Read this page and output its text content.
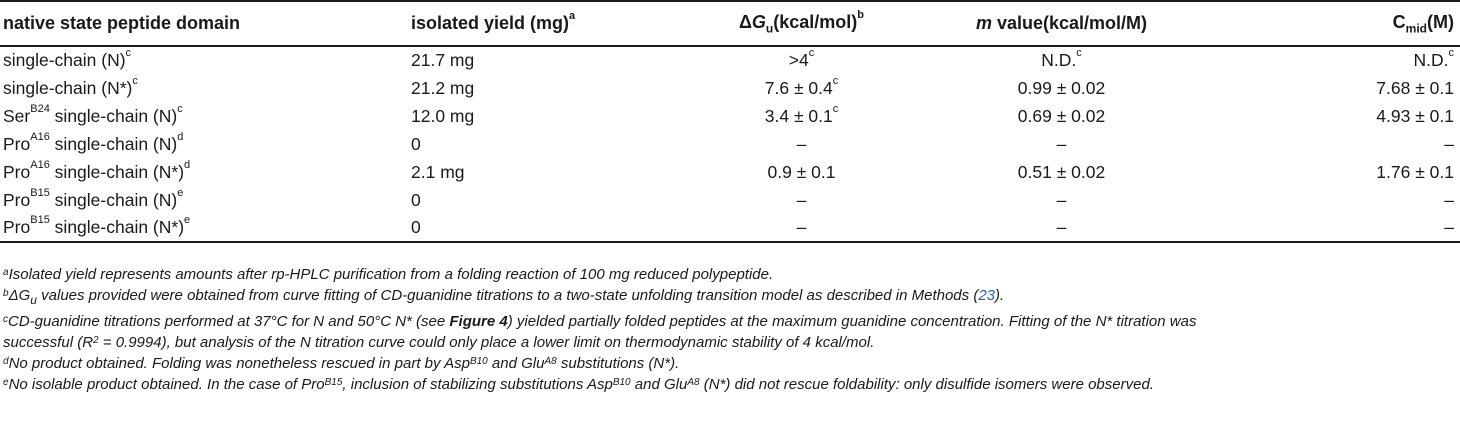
native state peptide domain	isolated yield (mg)$^a$	$\Delta G_u(kcal/mol)^b$	m value(kcal/mol/M)	$C_{mid}(M)$
single-chain $(N)^c$	21.7 mg	$>4^c$	N.D.$^c$	N.D.$^c$
single-chain $(N*)^c$	21.2 mg	7.6 ± 0.4$^c$	0.99 ± 0.02	7.68 ± 0.1
Ser$^{B24}$ single-chain $(N)^c$	12.0 mg	3.4 ± 0.1$^c$	0.69 ± 0.02	4.93 ± 0.1
Pro$^{A16}$ single-chain $(N)^d$	0	–	–	–
Pro$^{A16}$ single-chain $(N*)^d$	2.1 mg	0.9 ± 0.1	0.51 ± 0.02	1.76 ± 0.1
Pro$^{B15}$ single-chain $(N)^e$	0	–	–	–
Pro$^{B15}$ single-chain $(N*)^e$	0	–	–	–

$^a$Isolated yield represents amounts after rp-HPLC purification from a folding reaction of 100 mg reduced polypeptide.

$^b\Delta G_u$ values provided were obtained from curve fitting of CD-guanidine titrations to a two-state unfolding transition model as described in Methods (23).

$^c$CD-guanidine titrations performed at 37°C for N and 50°C N* (see Figure 4) yielded partially folded peptides at the maximum guanidine concentration. Fitting of the N* titration was
successful $(R^2 = 0.9994)$, but analysis of the N titration curve could only place a lower limit on thermodynamic stability of 4 kcal/mol.

$^d$No product obtained. Folding was nonetheless rescued in part by Asp$^{B10}$ and Glu$^{A8}$ substitutions (N*).

$^e$No isolable product obtained. In the case of Pro$^{B15}$, inclusion of stabilizing substitutions Asp$^{B10}$ and Glu$^{A8}$ (N*) did not rescue foldability: only disulfide isomers were observed.
